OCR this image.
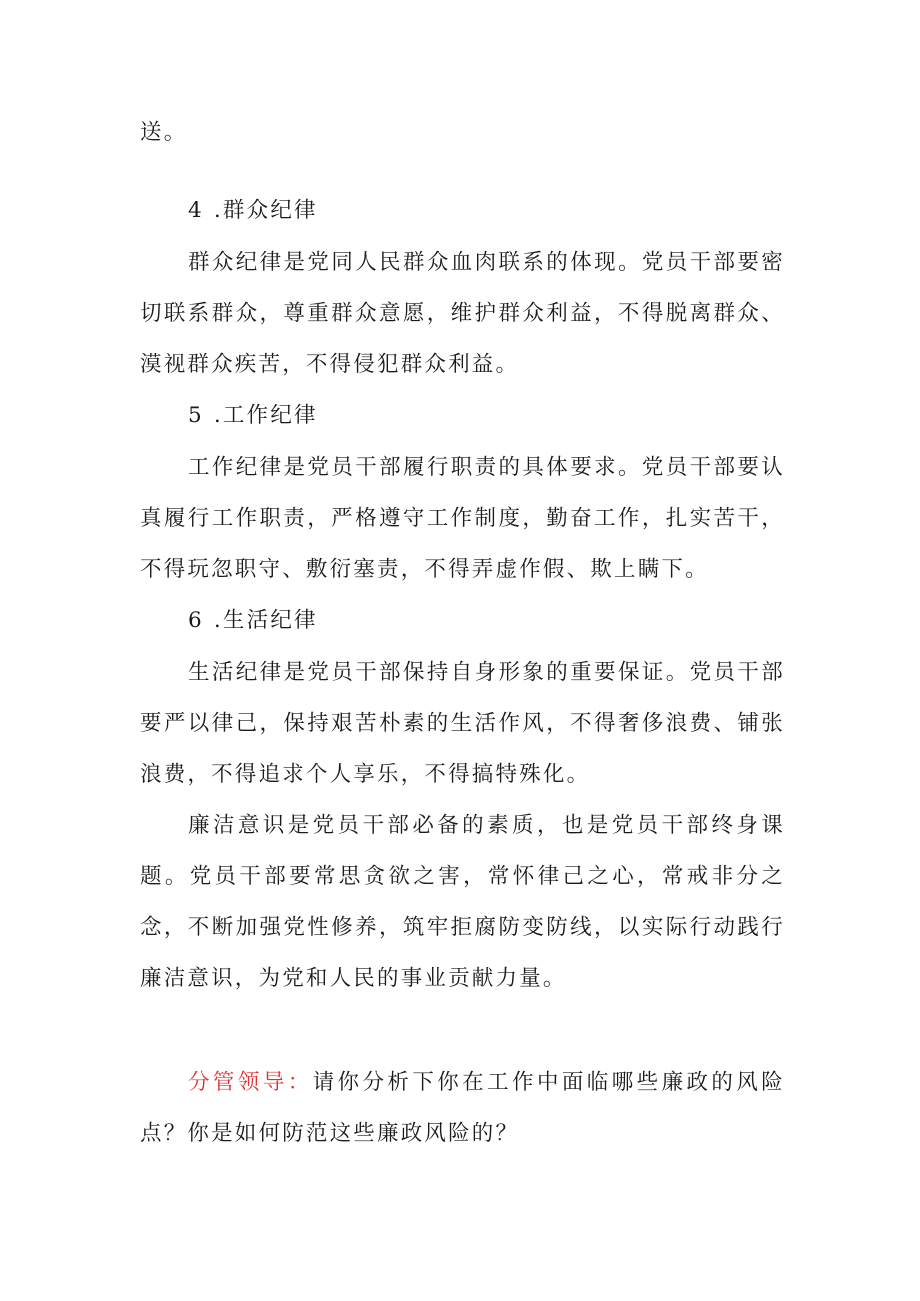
送。

4 .群众纪律

群众纪律是党同人民群众血肉联系的体现。党员干部要密切联系群众，尊重群众意愿，维护群众利益，不得脱离群众、漠视群众疾苦，不得侵犯群众利益。

5 .工作纪律

工作纪律是党员干部履行职责的具体要求。党员干部要认真履行工作职责，严格遵守工作制度，勤奋工作，扎实苦干，不得玩忽职守、敷衍塞责，不得弄虚作假、欺上瞒下。

6 .生活纪律

生活纪律是党员干部保持自身形象的重要保证。党员干部要严以律己，保持艰苦朴素的生活作风，不得奢侈浪费、铺张浪费，不得追求个人享乐，不得搞特殊化。

廉洁意识是党员干部必备的素质，也是党员干部终身课题。党员干部要常思贪欲之害，常怀律己之心，常戒非分之念，不断加强党性修养，筑牢拒腐防变防线，以实际行动践行廉洁意识，为党和人民的事业贡献力量。

分管领导：请你分析下你在工作中面临哪些廉政的风险点？你是如何防范这些廉政风险的？
